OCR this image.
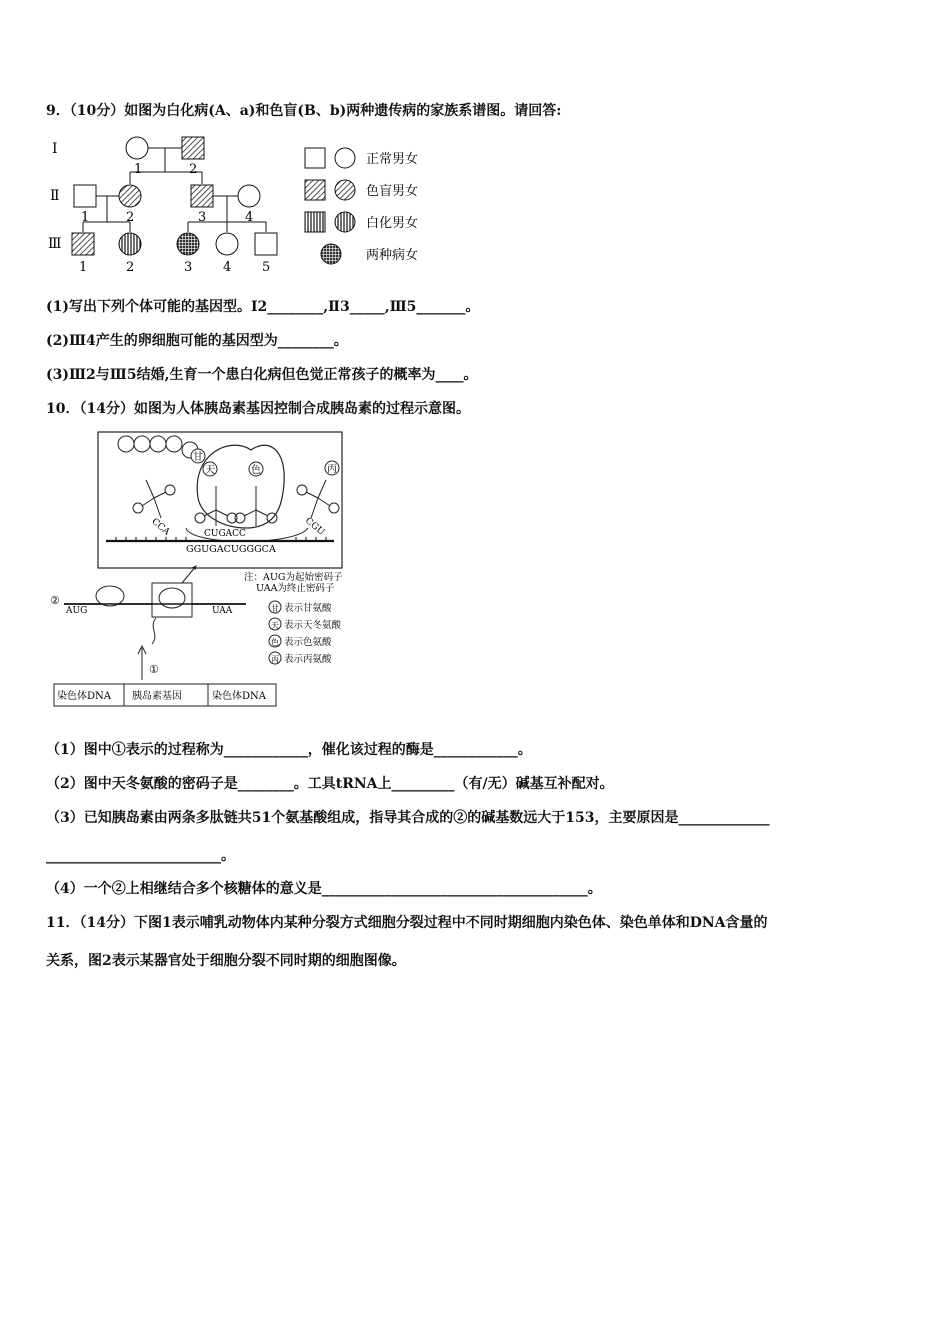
9．（10分）如图为白化病(A、a)和色盲(B、b)两种遗传病的家族系谱图。请回答:
Ⅰ
Ⅱ
Ⅲ
1	2
1	2	3	4
1	2	3 4 5
正常男女
色盲男女
白化男女
两种病女
(1)写出下列个体可能的基因型。Ⅰ2________,Ⅱ3_____,Ⅲ5_______。
(2)Ⅲ4产生的卵细胞可能的基因型为________。
(3)Ⅲ2与Ⅲ5结婚,生育一个患白化病但色觉正常孩子的概率为____。
10．（14分）如图为人体胰岛素基因控制合成胰岛素的过程示意图。
甘
天	色	丙
CCA	CUGACC	CGU
GGUGACUGGGCA
②
AUG	UAA
①
注：AUG为起始密码子
UAA为终止密码子
甘 表示甘氨酸
天 表示天冬氨酸
色 表示色氨酸
丙 表示丙氨酸
染色体DNA 胰岛素基因	染色体DNA
（1）图中①表示的过程称为____________，催化该过程的酶是____________。
（2）图中天冬氨酸的密码子是________。工具tRNA上_________（有/无）碱基互补配对。
（3）已知胰岛素由两条多肽链共51个氨基酸组成，指导其合成的②的碱基数远大于153，主要原因是_____________
_________________________。
（4）一个②上相继结合多个核糖体的意义是______________________________________。
11．（14分）下图1表示哺乳动物体内某种分裂方式细胞分裂过程中不同时期细胞内染色体、染色单体和DNA含量的
关系，图2表示某器官处于细胞分裂不同时期的细胞图像。
